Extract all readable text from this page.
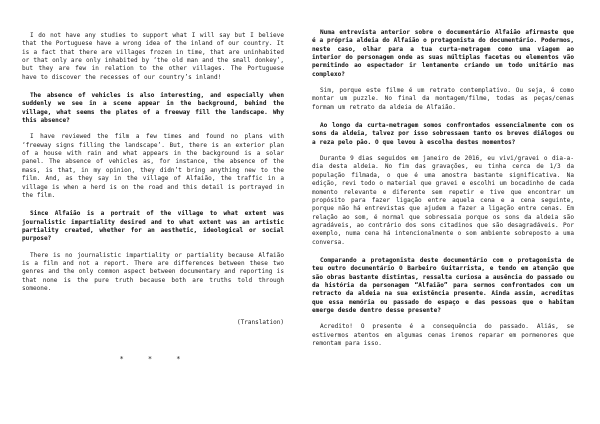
I do not have any studies to support what I will say but I believe that the Portuguese have a wrong idea of the inland of our country. It is a fact that there are villages frozen in time, that are uninhabited or that only are only inhabited by ‘the old man and the small donkey’, but they are few in relation to the other villages. The Portuguese have to discover the recesses of our country’s inland!

The absence of vehicles is also interesting, and especially when suddenly we see in a scene appear in the background, behind the village, what seems the plates of a freeway fill the landscape. Why this absence?

I have reviewed the film a few times and found no plans with ‘freeway signs filling the landscape’. But, there is an exterior plan of a house with rain and what appears in the background is a solar panel. The absence of vehicles as, for instance, the absence of the mass, is that, in my opinion, they didn’t bring anything new to the film. And, as they say in the village of Alfaião, the traffic in a village is when a herd is on the road and this detail is portrayed in the film.

Since Alfaião is a portrait of the village to what extent was journalistic impartiality desired and to what extent was an artistic partiality created, whether for an aesthetic, ideological or social purpose?

There is no journalistic impartiality or partiality because Alfaião is a film and not a report. There are differences between these two genres and the only common aspect between documentary and reporting is that none is the pure truth because both are truths told through someone.

(Translation)

* * *

Numa entrevista anterior sobre o documentário Alfaião afirmaste que é a própria aldeia do Alfaião o protagonista do documentário. Podermos, neste caso, olhar para a tua curta-metragem como uma viagem ao interior do personagem onde as suas múltiplas facetas ou elementos vão permitindo ao espectador ir lentamente criando um todo unitário mas complexo?

Sim, porque este filme é um retrato contemplativo. Ou seja, é como montar um puzzle. No final da montagem/filme, todas as peças/cenas formam um retrato da aldeia de Alfaião.

Ao longo da curta-metragem somos confrontados essencialmente com os sons da aldeia, talvez por isso sobressaem tanto os breves diálogos ou a reza pelo pão. O que levou à escolha destes momentos?

Durante 9 dias seguidos em janeiro de 2016, eu vivi/gravei o dia-a-dia desta aldeia. No fim das gravações, eu tinha cerca de 1/3 da população filmada, o que é uma amostra bastante significativa. Na edição, revi todo o material que gravei e escolhi um bocadinho de cada momento relevante e diferente sem repetir e tive que encontrar um propósito para fazer ligação entre aquela cena e a cena seguinte, porque não há entrevistas que ajudem a fazer a ligação entre cenas. Em relação ao som, é normal que sobressaia porque os sons da aldeia são agradáveis, ao contrário dos sons citadinos que são desagradáveis. Por exemplo, numa cena há intencionalmente o som ambiente sobreposto a uma conversa.

Comparando a protagonista deste documentário com o protagonista de teu outro documentário O Barbeiro Guitarrista, e tendo em atenção que são obras bastante distintas, ressalta curiosa a ausência do passado ou da história da personagem “Alfaião” para sermos confrontados com um retracto da aldeia na sua existência presente. Ainda assim, acreditas que essa memória ou passado do espaço e das pessoas que o habitam emerge desde dentro desse presente?

Acredito! O presente é a consequência do passado. Aliás, se estivermos atentos em algumas cenas iremos reparar em pormenores que remontam para isso.
